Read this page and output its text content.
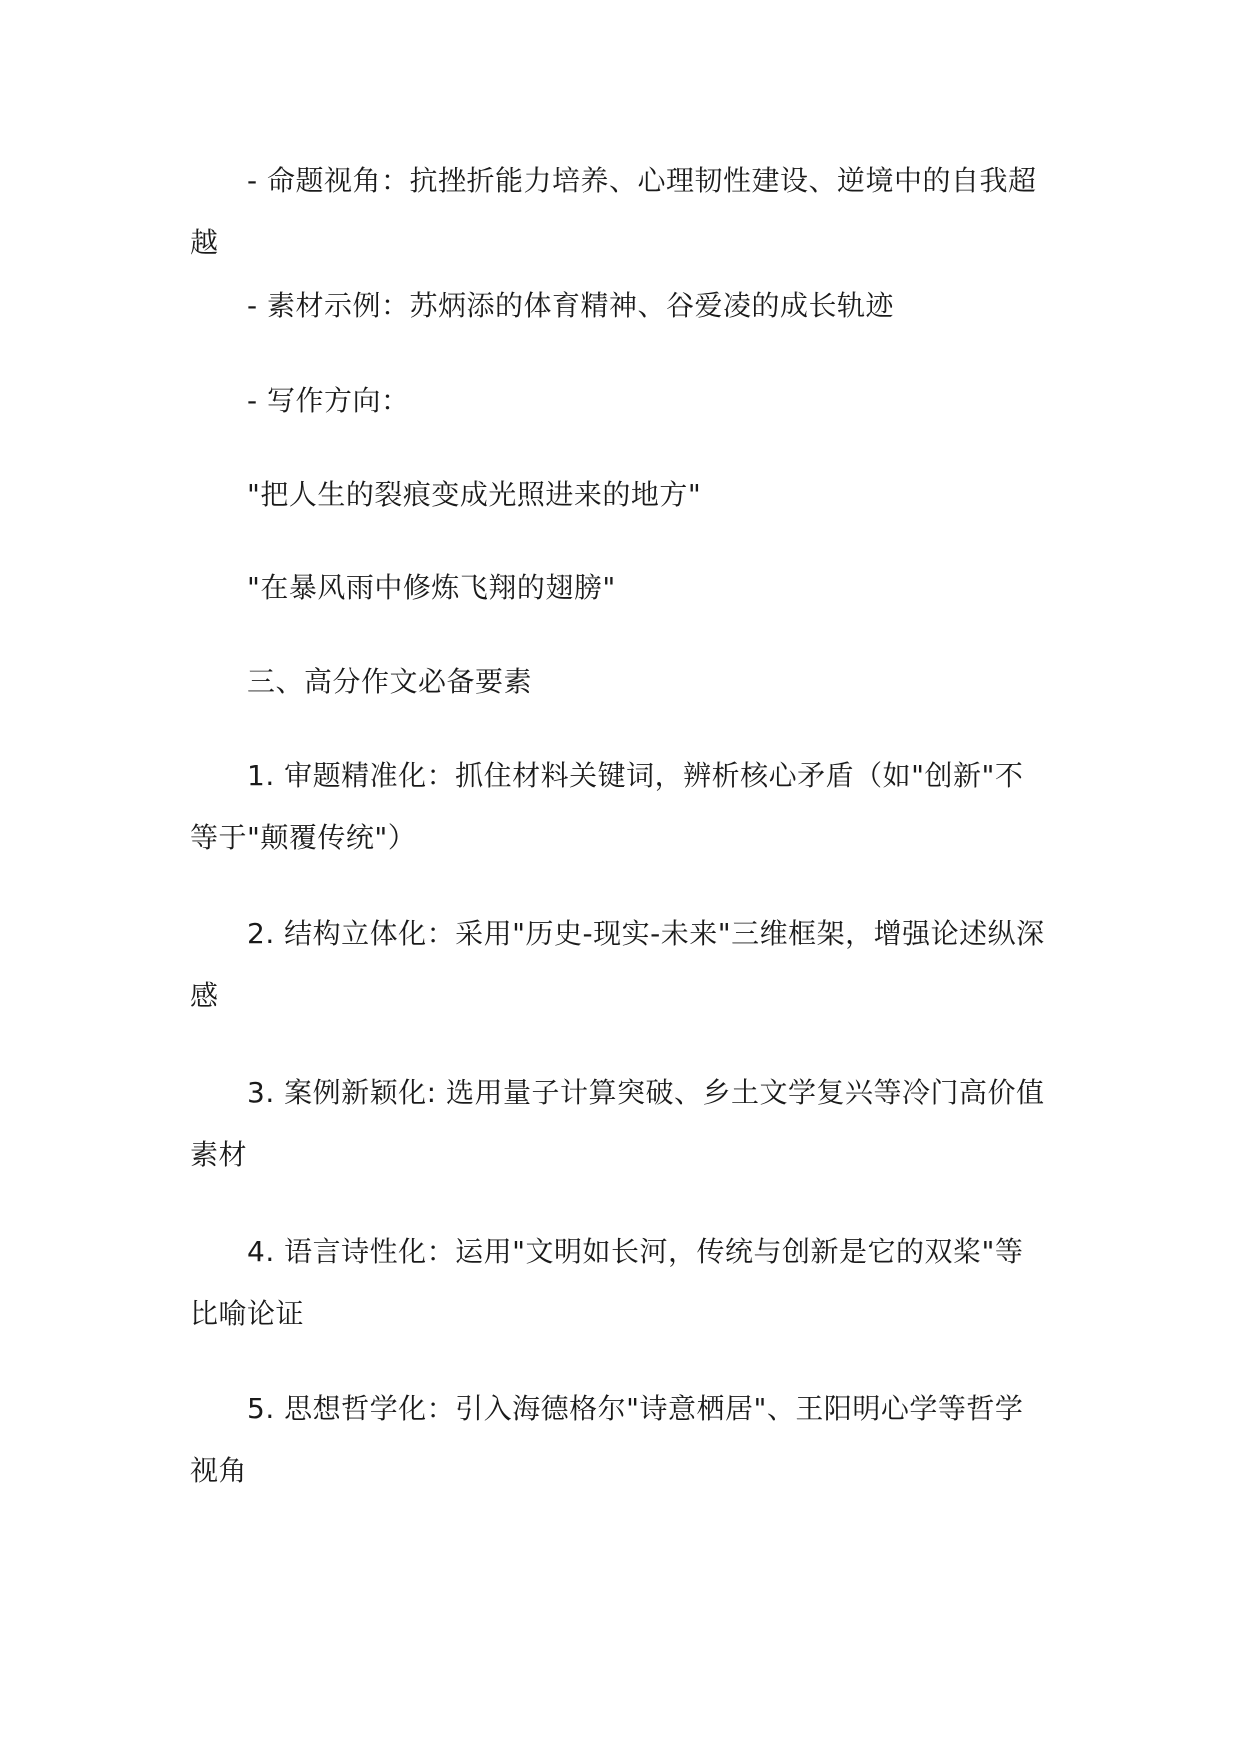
- 命题视角：抗挫折能力培养、心理韧性建设、逆境中的自我超越

- 素材示例：苏炳添的体育精神、谷爱凌的成长轨迹

- 写作方向：

"把人生的裂痕变成光照进来的地方"

"在暴风雨中修炼飞翔的翅膀"

三、高分作文必备要素

1. 审题精准化：抓住材料关键词，辨析核心矛盾（如"创新"不等于"颠覆传统"）

2. 结构立体化：采用"历史-现实-未来"三维框架，增强论述纵深感

3. 案例新颖化: 选用量子计算突破、乡土文学复兴等冷门高价值素材

4. 语言诗性化：运用"文明如长河，传统与创新是它的双桨"等比喻论证

5. 思想哲学化：引入海德格尔"诗意栖居"、王阳明心学等哲学视角
